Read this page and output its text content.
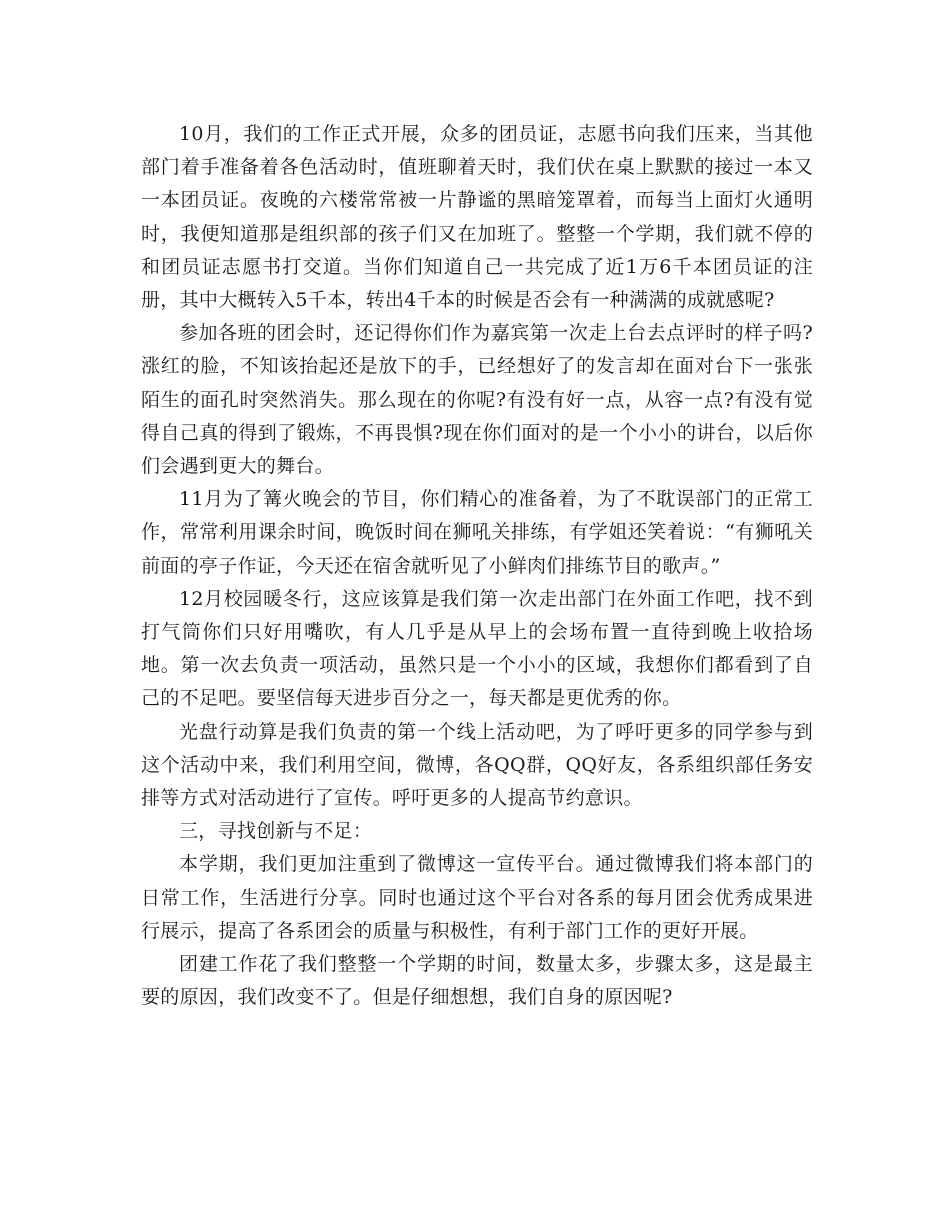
10月，我们的工作正式开展，众多的团员证，志愿书向我们压来，当其他部门着手准备着各色活动时，值班聊着天时，我们伏在桌上默默的接过一本又一本团员证。夜晚的六楼常常被一片静谧的黑暗笼罩着，而每当上面灯火通明时，我便知道那是组织部的孩子们又在加班了。整整一个学期，我们就不停的和团员证志愿书打交道。当你们知道自己一共完成了近1万6千本团员证的注册，其中大概转入5千本，转出4千本的时候是否会有一种满满的成就感呢?

参加各班的团会时，还记得你们作为嘉宾第一次走上台去点评时的样子吗?涨红的脸，不知该抬起还是放下的手，已经想好了的发言却在面对台下一张张陌生的面孔时突然消失。那么现在的你呢?有没有好一点，从容一点?有没有觉得自己真的得到了锻炼，不再畏惧?现在你们面对的是一个小小的讲台，以后你们会遇到更大的舞台。

11月为了篝火晚会的节目，你们精心的准备着，为了不耽误部门的正常工作，常常利用课余时间，晚饭时间在狮吼关排练，有学姐还笑着说：“有狮吼关前面的亭子作证，今天还在宿舍就听见了小鲜肉们排练节目的歌声。”

12月校园暖冬行，这应该算是我们第一次走出部门在外面工作吧，找不到打气筒你们只好用嘴吹，有人几乎是从早上的会场布置一直待到晚上收拾场地。第一次去负责一项活动，虽然只是一个小小的区域，我想你们都看到了自己的不足吧。要坚信每天进步百分之一，每天都是更优秀的你。

光盘行动算是我们负责的第一个线上活动吧，为了呼吁更多的同学参与到这个活动中来，我们利用空间，微博，各QQ群，QQ好友，各系组织部任务安排等方式对活动进行了宣传。呼吁更多的人提高节约意识。

三，寻找创新与不足：

本学期，我们更加注重到了微博这一宣传平台。通过微博我们将本部门的日常工作，生活进行分享。同时也通过这个平台对各系的每月团会优秀成果进行展示，提高了各系团会的质量与积极性，有利于部门工作的更好开展。

团建工作花了我们整整一个学期的时间，数量太多，步骤太多，这是最主要的原因，我们改变不了。但是仔细想想，我们自身的原因呢?
